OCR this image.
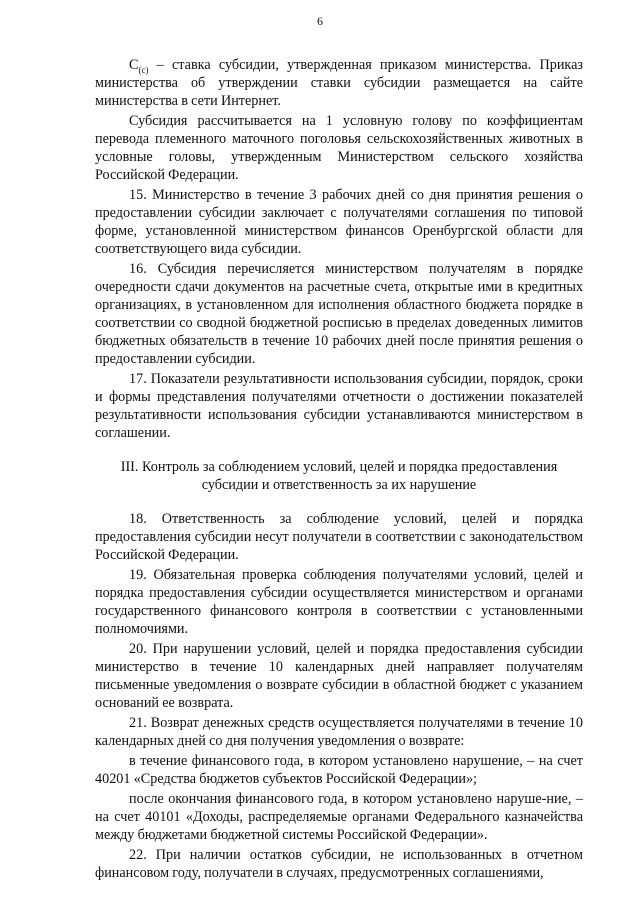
6

$C_{(c)}$ – ставка субсидии, утвержденная приказом министерства. Приказ министерства об утверждении ставки субсидии размещается на сайте министерства в сети Интернет.

Субсидия рассчитывается на 1 условную голову по коэффициентам перевода племенного маточного поголовья сельскохозяйственных животных в условные головы, утвержденным Министерством сельского хозяйства Российской Федерации.

15. Министерство в течение 3 рабочих дней со дня принятия решения о предоставлении субсидии заключает с получателями соглашения по типовой форме, установленной министерством финансов Оренбургской области для соответствующего вида субсидии.

16. Субсидия перечисляется министерством получателям в порядке очередности сдачи документов на расчетные счета, открытые ими в кредитных организациях, в установленном для исполнения областного бюджета порядке в соответствии со сводной бюджетной росписью в пределах доведенных лимитов бюджетных обязательств в течение 10 рабочих дней после принятия решения о предоставлении субсидии.

17. Показатели результативности использования субсидии, порядок, сроки и формы представления получателями отчетности о достижении показателей результативности использования субсидии устанавливаются министерством в соглашении.

III. Контроль за соблюдением условий, целей и порядка предоставления
субсидии и ответственность за их нарушение

18. Ответственность за соблюдение условий, целей и порядка предоставления субсидии несут получатели в соответствии с законодательством Российской Федерации.

19. Обязательная проверка соблюдения получателями условий, целей и порядка предоставления субсидии осуществляется министерством и органами государственного финансового контроля в соответствии с установленными полномочиями.

20. При нарушении условий, целей и порядка предоставления субсидии министерство в течение 10 календарных дней направляет получателям письменные уведомления о возврате субсидии в областной бюджет с указанием оснований ее возврата.

21. Возврат денежных средств осуществляется получателями в течение 10 календарных дней со дня получения уведомления о возврате:

в течение финансового года, в котором установлено нарушение, – на счет 40201 «Средства бюджетов субъектов Российской Федерации»;

после окончания финансового года, в котором установлено наруше-ние, – на счет 40101 «Доходы, распределяемые органами Федерального казначейства между бюджетами бюджетной системы Российской Федерации».

22. При наличии остатков субсидии, не использованных в отчетном финансовом году, получатели в случаях, предусмотренных соглашениями,
